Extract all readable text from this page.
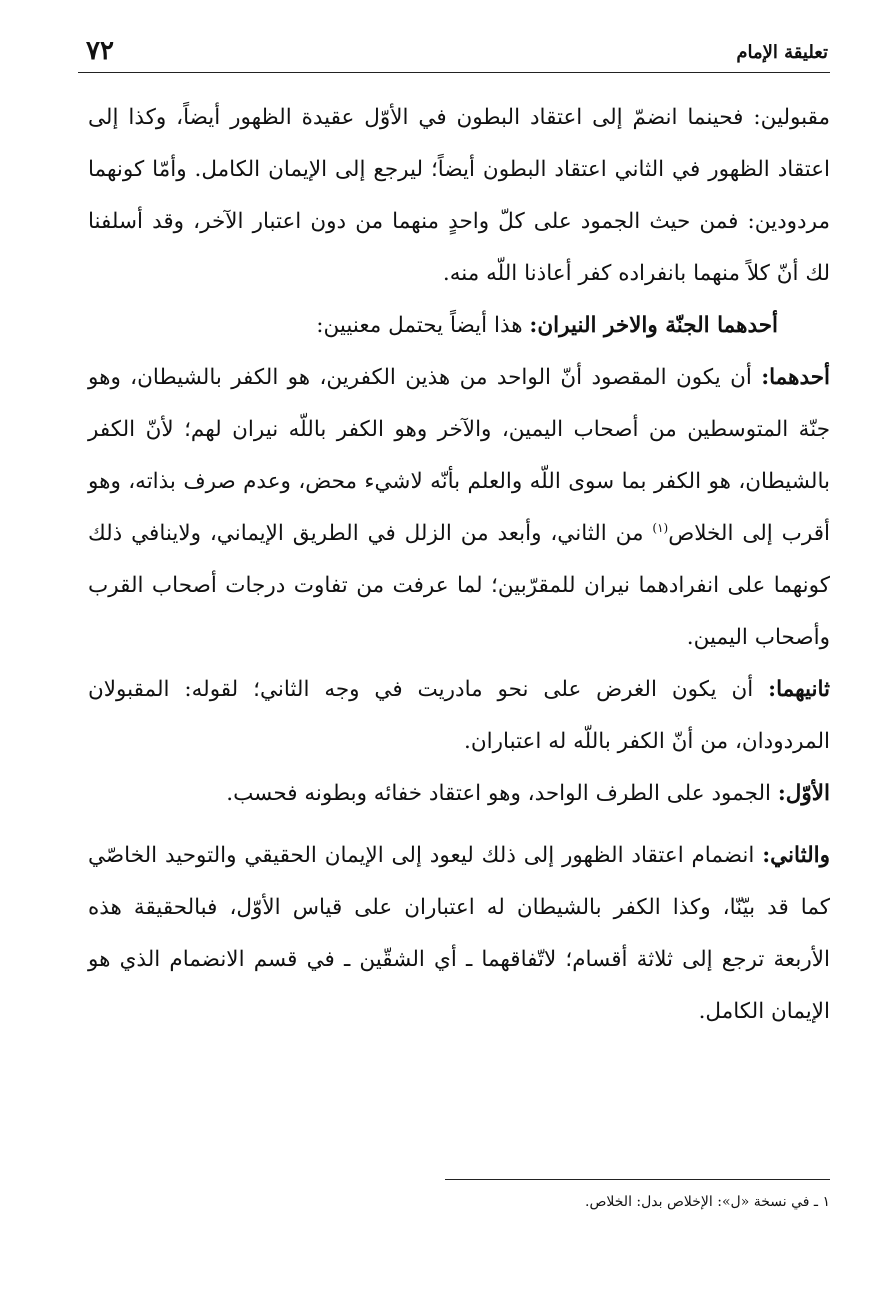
٧٢	تعليقة الإمام

مقبولين: فحينما انضمّ إلى اعتقاد البطون في الأوّل عقيدة الظهور أيضاً، وكذا إلى اعتقاد الظهور في الثاني اعتقاد البطون أيضاً؛ ليرجع إلى الإيمان الكامل. وأمّا كونهما مردودين: فمن حيث الجمود على كلّ واحدٍ منهما من دون اعتبار الآخر، وقد أسلفنا لك أنّ كلاً منهما بانفراده كفر أعاذنا اللّه منه.

أحدهما الجنّة والاخر النيران: هذا أيضاً يحتمل معنيين:

أحدهما: أن يكون المقصود أنّ الواحد من هذين الكفرين، هو الكفر بالشيطان، وهو جنّة المتوسطين من أصحاب اليمين، والآخر وهو الكفر باللّه نيران لهم؛ لأنّ الكفر بالشيطان، هو الكفر بما سوى اللّه والعلم بأنّه لاشيء محض، وعدم صرف بذاته، وهو أقرب إلى الخلاص$^{(١)}$ من الثاني، وأبعد من الزلل في الطريق الإيماني، ولاينافي ذلك كونهما على انفرادهما نيران للمقرّبين؛ لما عرفت من تفاوت درجات أصحاب القرب وأصحاب اليمين.

ثانيهما: أن يكون الغرض على نحو مادريت في وجه الثاني؛ لقوله: المقبولان المردودان، من أنّ الكفر باللّه له اعتباران.

الأوّل: الجمود على الطرف الواحد، وهو اعتقاد خفائه وبطونه فحسب.

والثاني: انضمام اعتقاد الظهور إلى ذلك ليعود إلى الإيمان الحقيقي والتوحيد الخاصّي كما قد بيّنّا، وكذا الكفر بالشيطان له اعتباران على قياس الأوّل، فبالحقيقة هذه الأربعة ترجع إلى ثلاثة أقسام؛ لاتّفاقهما ـ أي الشقّين ـ في قسم الانضمام الذي هو الإيمان الكامل.

١ ـ في نسخة «ل»: الإخلاص بدل: الخلاص.
